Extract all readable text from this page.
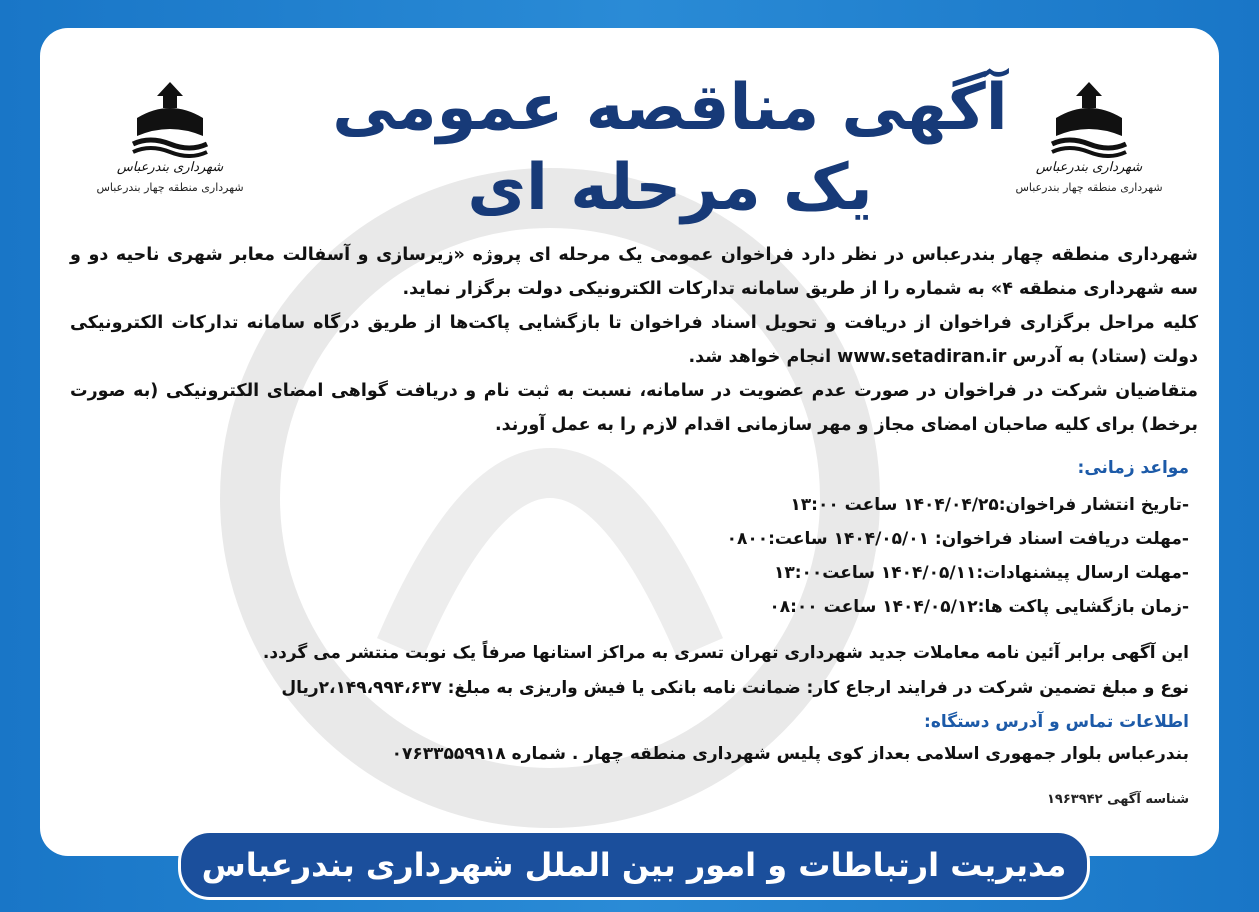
شهرداری بندرعباس
شهرداری منطقه چهار بندرعباس
شهرداری بندرعباس
شهرداری منطقه چهار بندرعباس
آگهی مناقصه عمومی
یک مرحله ای

شهرداری منطقه چهار بندرعباس در نظر دارد فراخوان عمومی یک مرحله ای پروژه «زیرسازی و آسفالت معابر شهری ناحیه دو و سه شهرداری منطقه ۴» به شماره را از طریق سامانه تدارکات الکترونیکی دولت برگزار نماید.

کلیه مراحل برگزاری فراخوان از دریافت و تحویل اسناد فراخوان تا بازگشایی پاکت‌ها از طریق درگاه سامانه تدارکات الکترونیکی دولت (ستاد) به آدرس www.setadiran.ir انجام خواهد شد.

متقاضیان شرکت در فراخوان در صورت عدم عضویت در سامانه، نسبت به ثبت نام و دریافت گواهی امضای الکترونیکی (به صورت برخط) برای کلیه صاحبان امضای مجاز و مهر سازمانی اقدام لازم را به عمل آورند.

مواعد زمانی:
-تاریخ انتشار فراخوان:۱۴۰۴/۰۴/۲۵ ساعت ۱۳:۰۰
-مهلت دریافت اسناد فراخوان: ۱۴۰۴/۰۵/۰۱ ساعت:۰۸۰۰
-مهلت ارسال پیشنهادات:۱۴۰۴/۰۵/۱۱ ساعت۱۳:۰۰
-زمان بازگشایی پاکت ها:۱۴۰۴/۰۵/۱۲ ساعت ۰۸:۰۰
این آگهی برابر آئین نامه معاملات جدید شهرداری تهران تسری به مراکز استانها صرفاً یک نوبت منتشر می گردد.
نوع و مبلغ تضمین شرکت در فرایند ارجاع کار: ضمانت نامه بانکی یا فیش واریزی به مبلغ: ۲،۱۴۹،۹۹۴،۶۳۷ریال
اطلاعات تماس و آدرس دستگاه:
بندرعباس بلوار جمهوری اسلامی بعداز کوی پلیس شهرداری منطقه چهار . شماره ۰۷۶۳۳۵۵۹۹۱۸
شناسه آگهی ۱۹۶۳۹۴۲
مدیریت ارتباطات و امور بین الملل شهرداری بندرعباس
